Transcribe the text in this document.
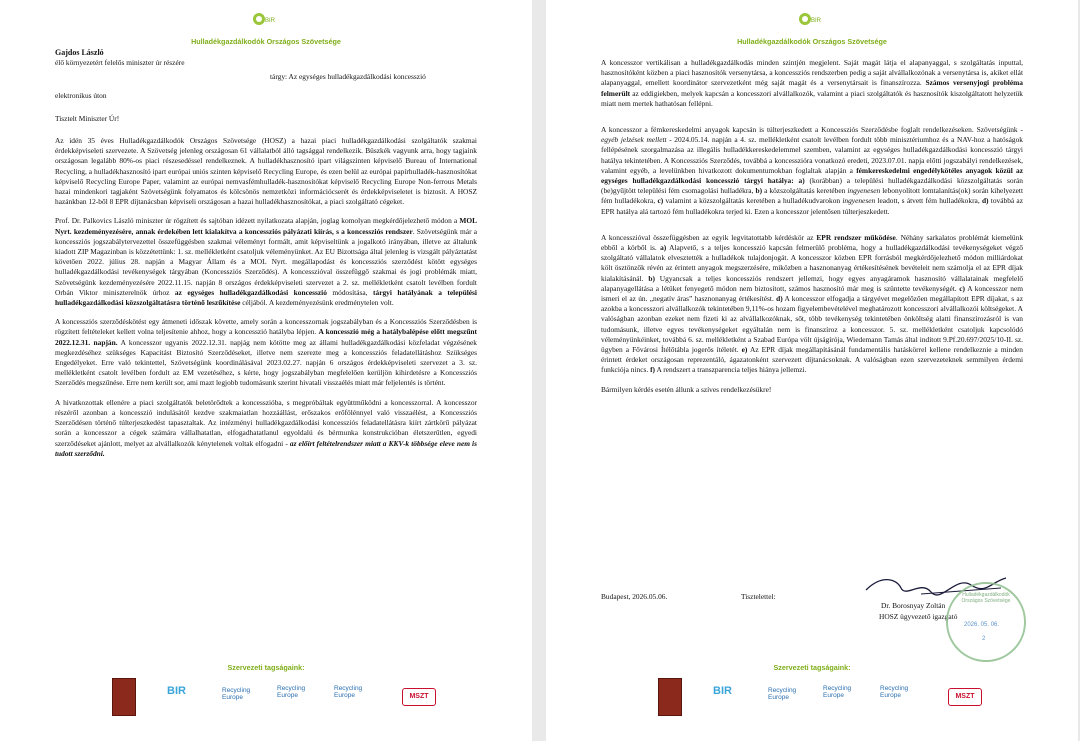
BIR
Hulladékgazdálkodók Országos Szövetsége
Gajdos László
élő környezetért felelős miniszter úr részére
tárgy: Az egységes hulladékgazdálkodási koncesszió
elektronikus úton
Tisztelt Miniszter Úr!

Az idén 35 éves Hulladékgazdálkodók Országos Szövetsége (HOSZ) a hazai piaci hulladékgazdálkodási szolgáltatók szakmai érdekképviseleti szervezete. A Szövetség jelenleg országosan 61 vállalatból álló tagsággal rendelkezik. Büszkék vagyunk arra, hogy tagjaink országosan legalább 80%-os piaci részesedéssel rendelkeznek. A hulladékhasznosító ipart világszinten képviselő Bureau of International Recycling, a hulladékhasznosító ipart európai uniós szinten képviselő Recycling Europe, és ezen belül az európai papírhulladék-hasznosítókat képviselő Recycling Europe Paper, valamint az európai nemvasfémhulladék-hasznosítókat képviselő Recycling Europe Non-ferrous Metals hazai mindenkori tagjaként Szövetségünk folyamatos és kölcsönös nemzetközi információcserét és érdekképviseletet is biztosít. A HOSZ hazánkban 12-ből 8 EPR díjtanácsban képviseli országosan a hazai hulladékhasznosítókat, a piaci szolgáltató cégeket.

Prof. Dr. Palkovics László miniszter úr rögzített és sajtóban idézett nyilatkozata alapján, joglag komolyan megkérdőjelezhető módon a MOL Nyrt. kezdeményezésére, annak érdekében lett kialakítva a koncessziós pályázati kiírás, s a koncessziós rendszer. Szövetségünk már a koncessziós jogszabálytervezettel összefüggésben szakmai véleményt formált, amit képviseltünk a jogalkotó irányában, illetve az általunk kiadott ZIP Magazinban is közzétettünk: 1. sz. mellékletként csatoljuk véleményünket. Az EU Bizottsága által jelenleg is vizsgált pályáztatást követően 2022. július 28. napján a Magyar Állam és a MOL Nyrt. megállapodást és koncessziós szerződést kötött egységes hulladékgazdálkodási tevékenységek tárgyában (Koncessziós Szerződés). A koncesszióval összefüggő szakmai és jogi problémák miatt, Szövetségünk kezdeményezésére 2022.11.15. napján 8 országos érdekképviseleti szervezet a 2. sz. mellékletként csatolt levélben fordult Orbán Viktor miniszterelnök úrhoz az egységes hulladékgazdálkodási koncesszió módosítása, tárgyi hatályának a települési hulladékgazdálkodási közszolgáltatásra történő leszűkítése céljából. A kezdeményezésünk eredménytelen volt.

A koncessziós szerződéskötést egy átmeneti időszak követte, amely során a koncesszornak jogszabályban és a Koncessziós Szerződésben is rögzített feltételeket kellett volna teljesítenie ahhoz, hogy a koncesszió hatályba lépjen. A koncesszió még a hatálybalépése előtt megszűnt 2022.12.31. napján. A koncesszor ugyanis 2022.12.31. napjág nem kötötte meg az állami hulladékgazdálkodási közfeladat végzésének megkezdéséhez szükséges Kapacitást Biztosító Szerződéseket, illetve nem szerezte meg a koncessziós feladatellátáshoz Szükséges Engedélyeket. Erre való tekintettel, Szövetségünk koordinálásával 2023.02.27. napján 6 országos érdekképviseleti szervezet a 3. sz. mellékletként csatolt levélben fordult az EM vezetéséhez, s kérte, hogy jogszabályban megfelelően kerüljön kihirdetésre a Koncessziós Szerződés megszűnése. Erre nem került sor, ami mazt legjobb tudomásunk szerint hivatali visszaélés miatt már feljelentés is történt.

A hivatkozottak ellenére a piaci szolgáltatók beletörődtek a koncesszióba, s megpróbáltak együttműködni a koncesszorral. A koncesszor részéről azonban a koncesszió indulásától kezdve szakmaiatlan hozzáállást, erőszakos erőfölénnyel való visszaélést, a Koncessziós Szerződésen történő túlterjeszkedést tapasztaltak. Az intézményi hulladékgazdálkodási koncessziós feladatellátásra kiírt zártkörű pályázat során a koncesszor a cégek számára vállalhatatlan, elfogadhatatlanul egyoldalú és bérmunka konstrukcióban életszerűtlen, egyedi szerződéseket ajánlott, melyet az alvállalkozók kénytelenek voltak elfogadni - az előírt feltételrendszer miatt a KKV-k többsége eleve nem is tudott szerződni.

Szervezeti tagságaink:
BIR	Recycling Europe
Recycling Europe
Recycling Europe	MSZT
BIR
Hulladékgazdálkodók Országos Szövetsége

A koncesszor vertikálisan a hulladékgazdálkodás minden szintjén megjelent. Saját magát látja el alapanyaggal, s szolgáltatás inputtal, hasznosítóként közben a piaci hasznosítók versenytársa, a koncessziós rendszerben pedig a saját alvállalkozónak a versenytársa is, akiket ellát alapanyaggal, emellett koordinátor szervezetként még saját magát és a versenytársait is finanszírozza. Számos versenyjogi probléma felmerült az eddigiekben, melyek kapcsán a koncesszori alvállalkozók, valamint a piaci szolgáltatók és hasznosítók kiszolgáltatott helyzetük miatt nem mertek hathatósan fellépni.

A koncesszor a fémkereskedelmi anyagok kapcsán is túlterjeszkedett a Koncessziós Szerződésbe foglalt rendelkezéseken. Szövetségünk - egyéb jelzések mellett - 2024.05.14. napján a 4. sz. mellékletként csatolt levélben fordult több minisztériumhoz és a NAV-hoz a hatóságok fellépésének szorgalmazása az illegális hulladékkereskedelemmel szemben, valamint az egységes hulladékgazdálkodási koncesszió tárgyi hatálya tekintetében. A Koncessziós Szerződés, továbbá a koncesszióra vonatkozó eredeti, 2023.07.01. napja előtti jogszabályi rendelkezések, valamint egyéb, a levelünkben hivatkozott dokumentumokban foglaltak alapján a fémkereskedelmi engedélykötéles anyagok közül az egységes hulladékgazdálkodási koncesszió tárgyi hatálya: a) (korábban) a települési hulladékgazdálkodási közszolgáltatás során (be)gyűjtött települési fém csomagolási hulladékra, b) a közszolgáltatás keretében ingyenesen lebonyolított lomtalanítás(ok) során kihelyezett fém hulladékokra, c) valamint a közszolgáltatás keretében a hulladékudvarokon ingyenesen leadott, s átvett fém hulladékokra, d) továbbá az EPR hatálya alá tartozó fém hulladékokra terjed ki. Ezen a koncesszor jelentősen túlterjeszkedett.

A koncesszióval összefüggésben az egyik legvitatottabb kérdéskör az EPR rendszer működése. Néhány sarkalatos problémát kiemelünk ebből a körből is. a) Alapvető, s a teljes koncesszió kapcsán felmerülő probléma, hogy a hulladékgazdálkodási tevékenységeket végző szolgáltató vállalatok elvesztették a hulladékok tulajdonjogát. A koncesszor közben EPR forrásból megkérdőjelezhető módon milliárdokat költ ösztönzők révén az érintett anyagok megszerzésére, miközben a hasznonanyag értékesítésének bevételeit nem számolja el az EPR díjak kialakításánál. b) Ugyancsak a teljes koncessziós rendszert jellemzi, hogy egyes anyagáramok hasznosító vállalatainak megfelelő alapanyagellátása a létüket fenyegető módon nem biztosított, számos hasznosító már meg is szüntette tevékenységét. c) A koncesszor nem ismeri el az ún. „negatív áras” hasznonanyag értékesítést. d) A koncesszor elfogadja a tárgyévet megelőzően megállapított EPR díjakat, s az azokba a koncesszori alvállalkozók tekintetében 9,11%-os hozam figyelembevételével meghatározott koncesszori alvállalkozói költségeket. A valóságban azonban ezeket nem fizeti ki az alvállalkozóknak, sőt, több tevékenység tekintetében önköltség alatti finanszírozásról is van tudomásunk, illetve egyes tevékenységeket egyáltalán nem is finanszíroz a koncesszor. 5. sz. mellékletként csatoljuk kapcsolódó véleményünkéinket, továbbá 6. sz. mellékletként a Szabad Európa völt újságírója, Wiedemann Tamás által indított 9.Pf.20.697/2025/10-II. sz. ügyben a Fővárosi Ítélőtábla jogerős ítéletét. e) Az EPR díjak megállapításánál fundamentális hatáskörrel kellene rendelkeznie a minden érintett érdeket országosan reprezentáló, ágazatonként szervezett díjtanácsoknak. A valóságban ezen szervezeteknek semmilyen érdemi funkciója nincs. f) A rendszert a transzparencia teljes hiánya jellemzi.

Bármilyen kérdés esetén állunk a szíves rendelkezésükre!

Budapest, 2026.05.06.	Tisztelettel:
Dr. Borosnyay Zoltán
HOSZ ügyvezető igazgató
Hulladékgazdálkodók Országos Szövetsége
2026. 05. 06.
2
Szervezeti tagságaink:
BIR	Recycling Europe
Recycling Europe
Recycling Europe	MSZT
